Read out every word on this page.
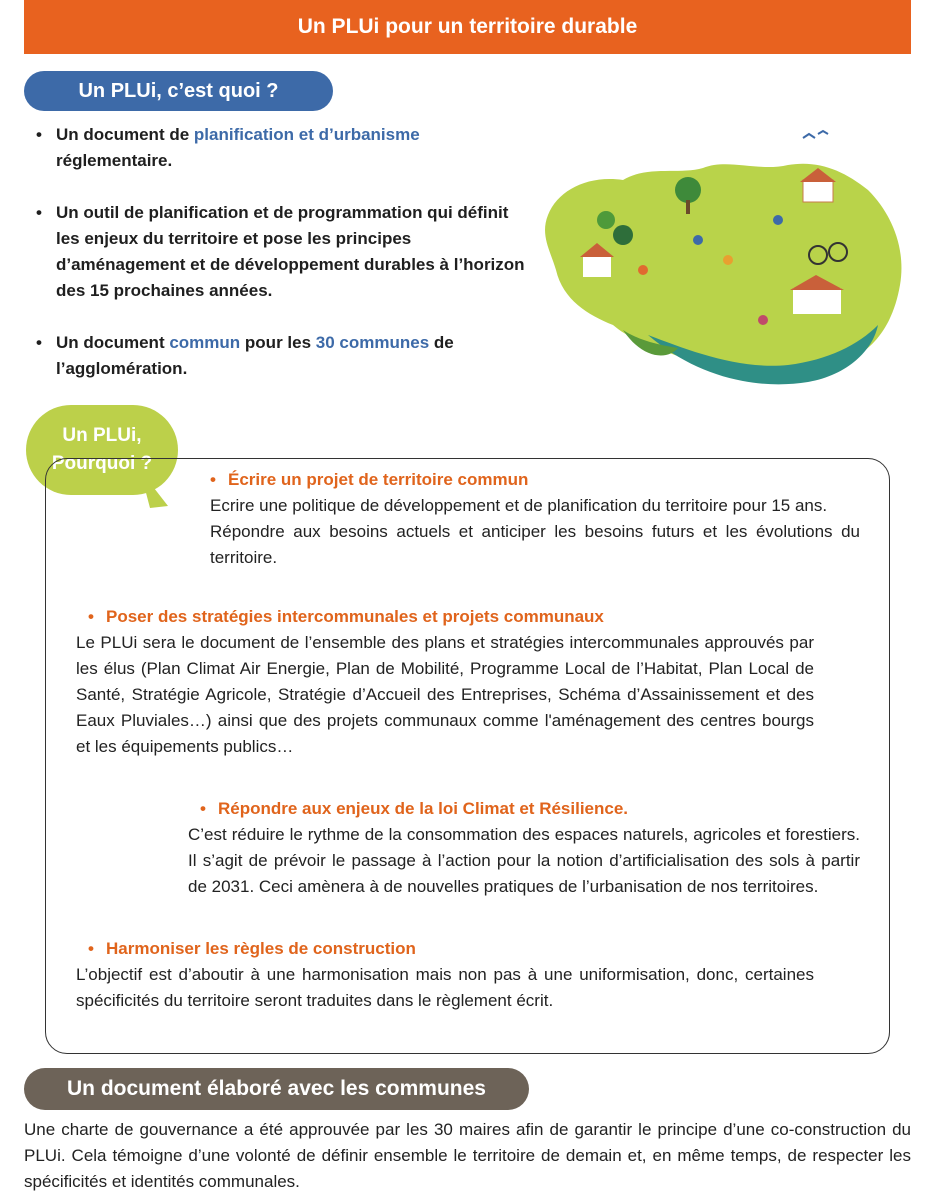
Un PLUi pour un territoire durable
Un PLUi, c’est quoi ?
• Un document de planification et d’urbanisme réglementaire.
• Un outil de planification et de programmation qui définit les enjeux du territoire et pose les principes d’aménagement et de développement durables à l’horizon des 15 prochaines années.
• Un document commun pour les 30 communes de l’agglomération.
Un PLUi,
Pourquoi ?
• Écrire un projet de territoire commun

Ecrire une politique de développement et de planification du territoire pour 15 ans.

Répondre aux besoins actuels et anticiper les besoins futurs et les évolutions du territoire.

• Poser des stratégies intercommunales et projets communaux

Le PLUi sera le document de l’ensemble des plans et stratégies intercommunales approuvés par les élus (Plan Climat Air Energie, Plan de Mobilité, Programme Local de l’Habitat, Plan Local de Santé, Stratégie Agricole, Stratégie d’Accueil des Entreprises, Schéma d’Assainissement et des Eaux Pluviales…) ainsi que des projets communaux comme l'aménagement des centres bourgs et les équipements publics…

• Répondre aux enjeux de la loi Climat et Résilience.

C’est réduire le rythme de la consommation des espaces naturels, agricoles et forestiers. Il s’agit de prévoir le passage à l’action pour la notion d’artificialisation des sols à partir de 2031. Ceci amènera à de nouvelles pratiques de l’urbanisation de nos territoires.

• Harmoniser les règles de construction

L’objectif est d’aboutir à une harmonisation mais non pas à une uniformisation, donc, certaines spécificités du territoire seront traduites dans le règlement écrit.

Un document élaboré avec les communes
Une charte de gouvernance a été approuvée par les 30 maires afin de garantir le principe d’une co-construction du PLUi. Cela témoigne d’une volonté de définir ensemble le territoire de demain et, en même temps, de respecter les spécificités et identités communales.
